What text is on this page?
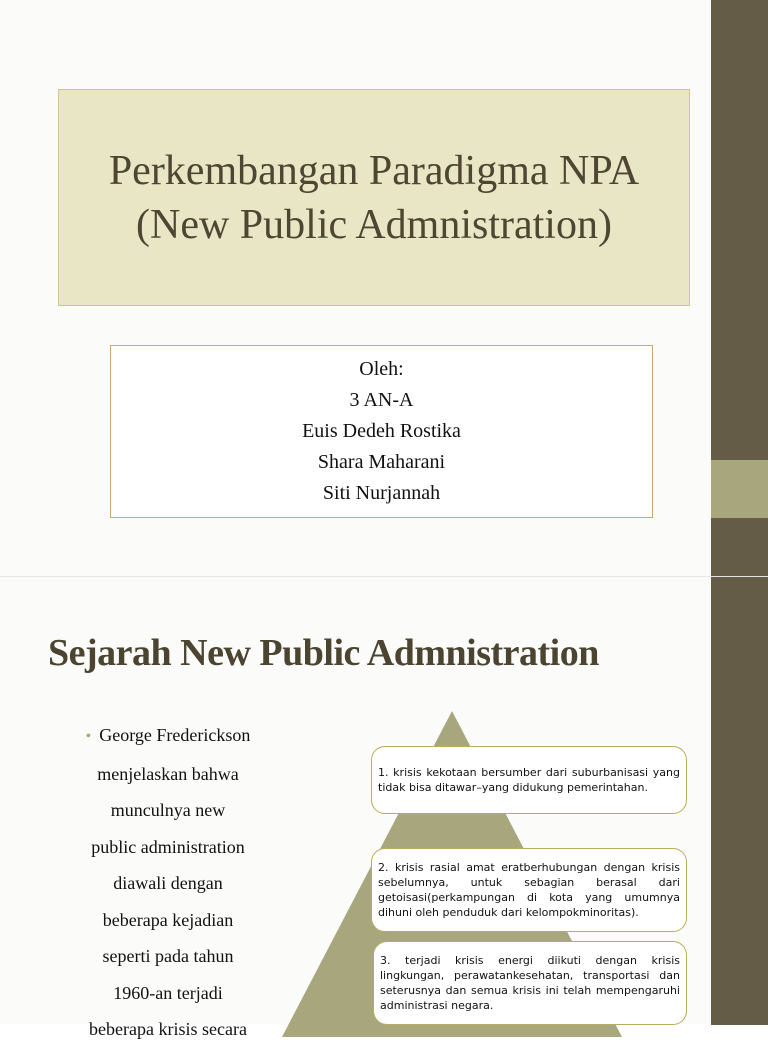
Perkembangan Paradigma NPA
(New Public Admnistration)
Oleh:
3 AN-A
Euis Dedeh Rostika
Shara Maharani
Siti Nurjannah
Sejarah New Public Admnistration

• George Frederickson

menjelaskan bahwa

munculnya new

public administration

diawali dengan

beberapa kejadian

seperti pada tahun

1960-an terjadi

beberapa krisis secara

1. krisis kekotaan bersumber dari suburbanisasi yang tidak bisa ditawar–yang didukung pemerintahan.

2. krisis rasial amat eratberhubungan dengan krisis sebelumnya, untuk sebagian berasal dari getoisasi(perkampungan di kota yang umumnya dihuni oleh penduduk dari kelompokminoritas).

3. terjadi krisis energi diikuti dengan krisis lingkungan, perawatankesehatan, transportasi dan seterusnya dan semua krisis ini telah mempengaruhi administrasi negara.
